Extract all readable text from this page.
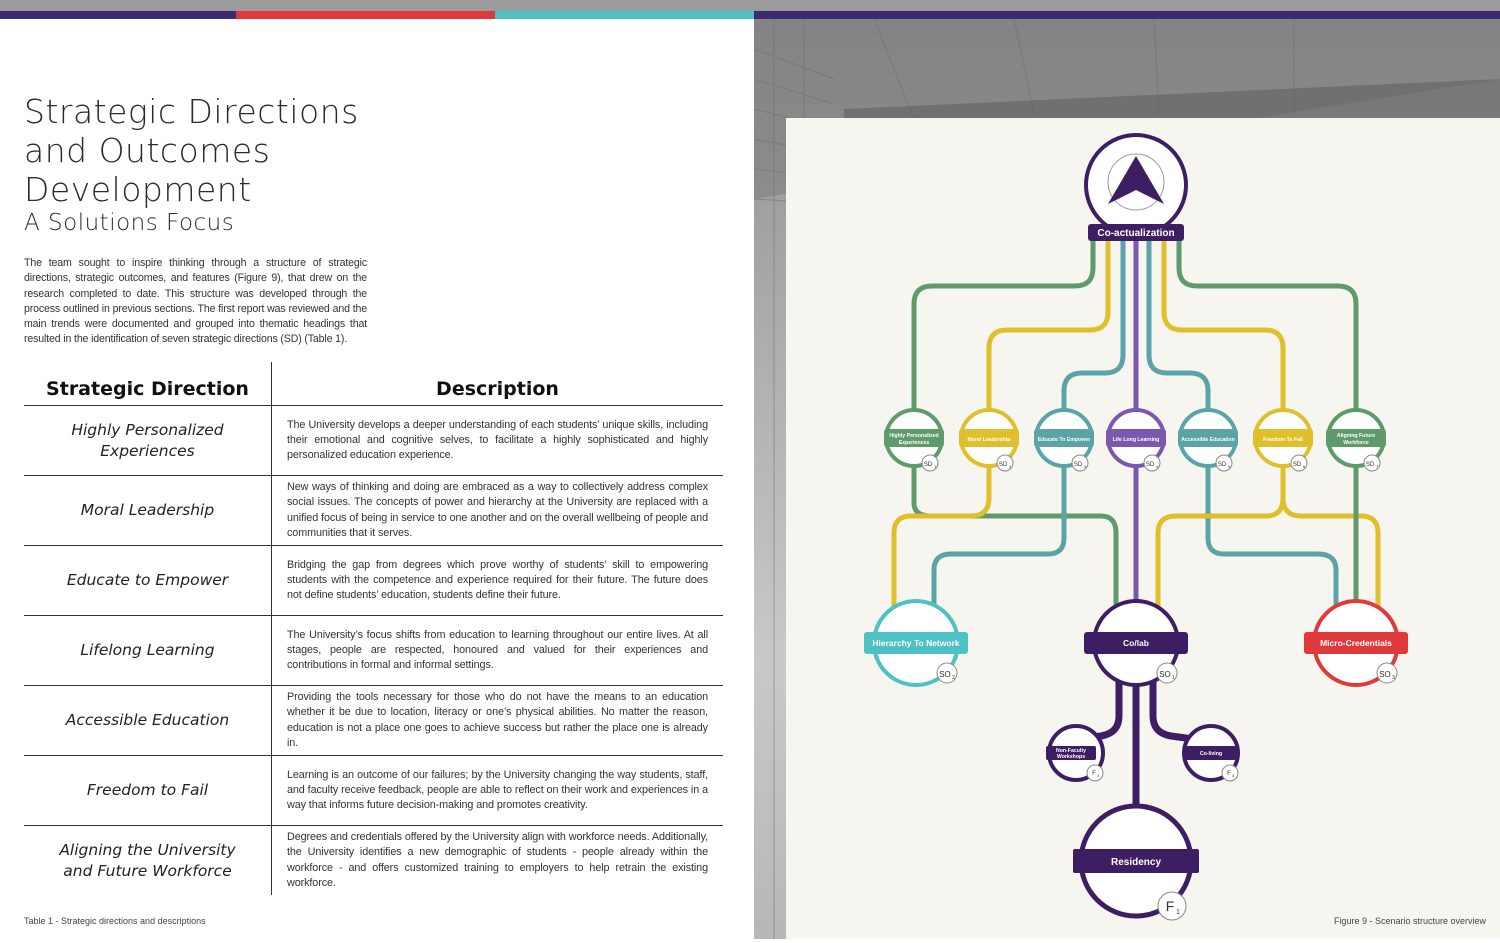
Strategic Directions
and Outcomes
Development
A Solutions Focus

The team sought to inspire thinking through a structure of strategic directions, strategic outcomes, and features (Figure 9), that drew on the research completed to date. This structure was developed through the process outlined in previous sections. The first report was reviewed and the main trends were documented and grouped into thematic headings that resulted in the identification of seven strategic directions (SD) (Table 1).

Strategic Direction	Description
Highly Personalized Experiences	The University develops a deeper understanding of each students’ unique skills, including their emotional and cognitive selves, to facilitate a highly sophisticated and highly personalized education experience.
Moral Leadership	New ways of thinking and doing are embraced as a way to collectively address complex social issues. The concepts of power and hierarchy at the University are replaced with a unified focus of being in service to one another and on the overall wellbeing of people and communities that it serves.
Educate to Empower	Bridging the gap from degrees which prove worthy of students’ skill to empowering students with the competence and experience required for their future. The future does not define students’ education, students define their future.
Lifelong Learning	The University’s focus shifts from education to learning throughout our entire lives. At all stages, people are respected, honoured and valued for their experiences and contributions in formal and informal settings.
Accessible Education	Providing the tools necessary for those who do not have the means to an education whether it be due to location, literacy or one’s physical abilities. No matter the reason, education is not a place one goes to achieve success but rather the place one is already in.
Freedom to Fail	Learning is an outcome of our failures; by the University changing the way students, staff, and faculty receive feedback, people are able to reflect on their work and experiences in a way that informs future decision-making and promotes creativity.
Aligning the University and Future Workforce	Degrees and credentials offered by the University align with workforce needs. Additionally, the University identifies a new demographic of students - people already within the workforce - and offers customized training to employers to help retrain the existing workforce.
Table 1 - Strategic directions and descriptions
Co-actualization
Highly Personalized
Experiences
SD 1
Moral Leadership
SD 2
Educate To Empower
SD 3
Life Long Learning
SD 4
Accessible Education
SD 5
Freedom To Fail
SD 6
Aligning Future
Workforce
SD 7
Hierarchy To Network
SO 2
Co/lab
SO 1
Micro-Credentials
SO 3
Non-Faculty
Workshops
F 2
Co-living
F 3
Residency
F 1
Figure 9 - Scenario structure overview
